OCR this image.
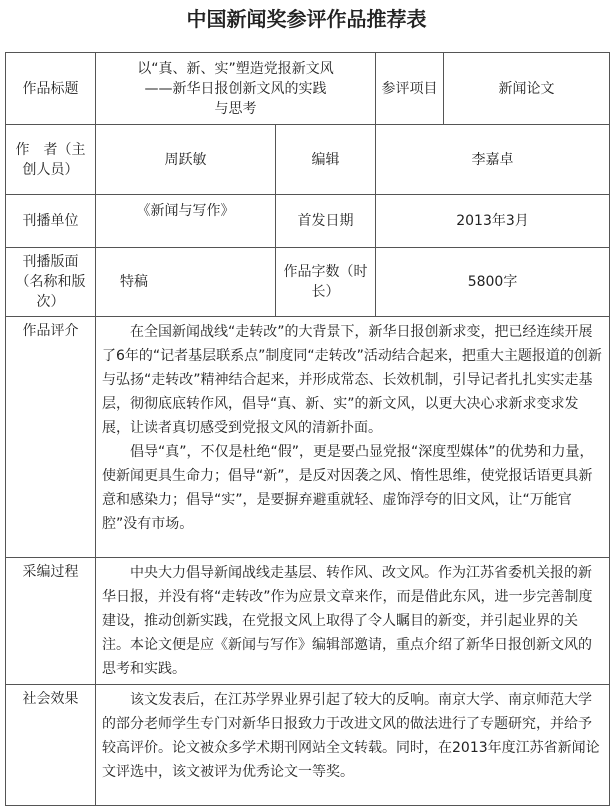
中国新闻奖参评作品推荐表
作品标题	以“真、新、实”塑造党报新文风
——新华日报创新文风的实践
与思考		参评项目	新闻论文
作　者（主创人员）	周跃敏	编辑	李嘉卓	
刊播单位	《新闻与写作》	首发日期	2013年3月	
刊播版面（名称和版次）	特稿	作品字数（时长）	5800字	
作品评介	在全国新闻战线“走转改”的大背景下，新华日报创新求变，把已经连续开展了6年的“记者基层联系点”制度同“走转改”活动结合起来，把重大主题报道的创新与弘扬“走转改”精神结合起来，并形成常态、长效机制，引导记者扎扎实实走基层，彻彻底底转作风，倡导“真、新、实”的新文风，以更大决心求新求变求发展，让读者真切感受到党报文风的清新扑面。

倡导“真”，不仅是杜绝“假”，更是要凸显党报“深度型媒体”的优势和力量，使新闻更具生命力；倡导“新”，是反对因袭之风、惰性思维，使党报话语更具新意和感染力；倡导“实”，是要摒弃避重就轻、虚饰浮夸的旧文风，让“万能官腔”没有市场。			

采编过程	中央大力倡导新闻战线走基层、转作风、改文风。作为江苏省委机关报的新华日报，并没有将“走转改”作为应景文章来作，而是借此东风，进一步完善制度建设，推动创新实践，在党报文风上取得了令人瞩目的新变，并引起业界的关注。本论文便是应《新闻与写作》编辑部邀请，重点介绍了新华日报创新文风的思考和实践。			

社会效果	该文发表后，在江苏学界业界引起了较大的反响。南京大学、南京师范大学的部分老师学生专门对新华日报致力于改进文风的做法进行了专题研究，并给予较高评价。论文被众多学术期刊网站全文转载。同时，在2013年度江苏省新闻论文评选中，该文被评为优秀论文一等奖。			
